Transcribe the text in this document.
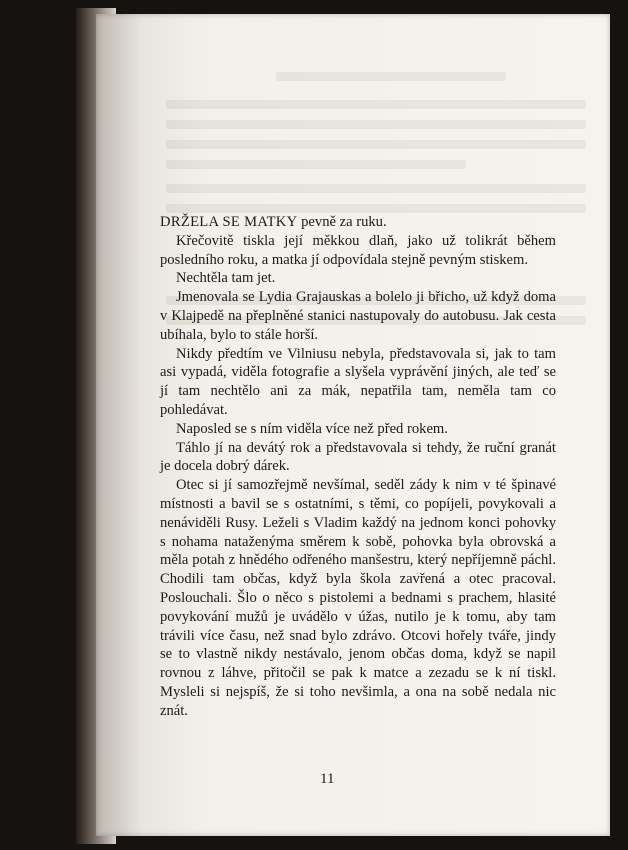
DRŽELA SE MATKY pevně za ruku.

Křečovitě tiskla její měkkou dlaň, jako už tolikrát během posledního roku, a matka jí odpovídala stejně pevným stiskem.

Nechtěla tam jet.

Jmenovala se Lydia Grajauskas a bolelo ji břicho, už když doma v Klajpedě na přeplněné stanici nastupovaly do autobusu. Jak cesta ubíhala, bylo to stále horší.

Nikdy předtím ve Vilniusu nebyla, představovala si, jak to tam asi vypadá, viděla fotografie a slyšela vyprávění jiných, ale teď se jí tam nechtělo ani za mák, nepatřila tam, neměla tam co pohledávat.

Naposled se s ním viděla více než před rokem.

Táhlo jí na devátý rok a představovala si tehdy, že ruční granát je docela dobrý dárek.

Otec si jí samozřejmě nevšímal, seděl zády k nim v té špinavé místnosti a bavil se s ostatními, s těmi, co popíjeli, povykovali a nenáviděli Rusy. Leželi s Vladim každý na jednom konci pohovky s nohama nataženýma směrem k sobě, pohovka byla obrovská a měla potah z hnědého odřeného manšestru, který nepříjemně páchl. Chodili tam občas, když byla škola zavřená a otec pracoval. Poslouchali. Šlo o něco s pistolemi a bednami s prachem, hlasité povykování mužů je uvádělo v úžas, nutilo je k tomu, aby tam trávili více času, než snad bylo zdrávo. Otcovi hořely tváře, jindy se to vlastně nikdy nestávalo, jenom občas doma, když se napil rovnou z láhve, přitočil se pak k matce a zezadu se k ní tiskl. Mysleli si nejspíš, že si toho nevšimla, a ona na sobě nedala nic znát.

11
